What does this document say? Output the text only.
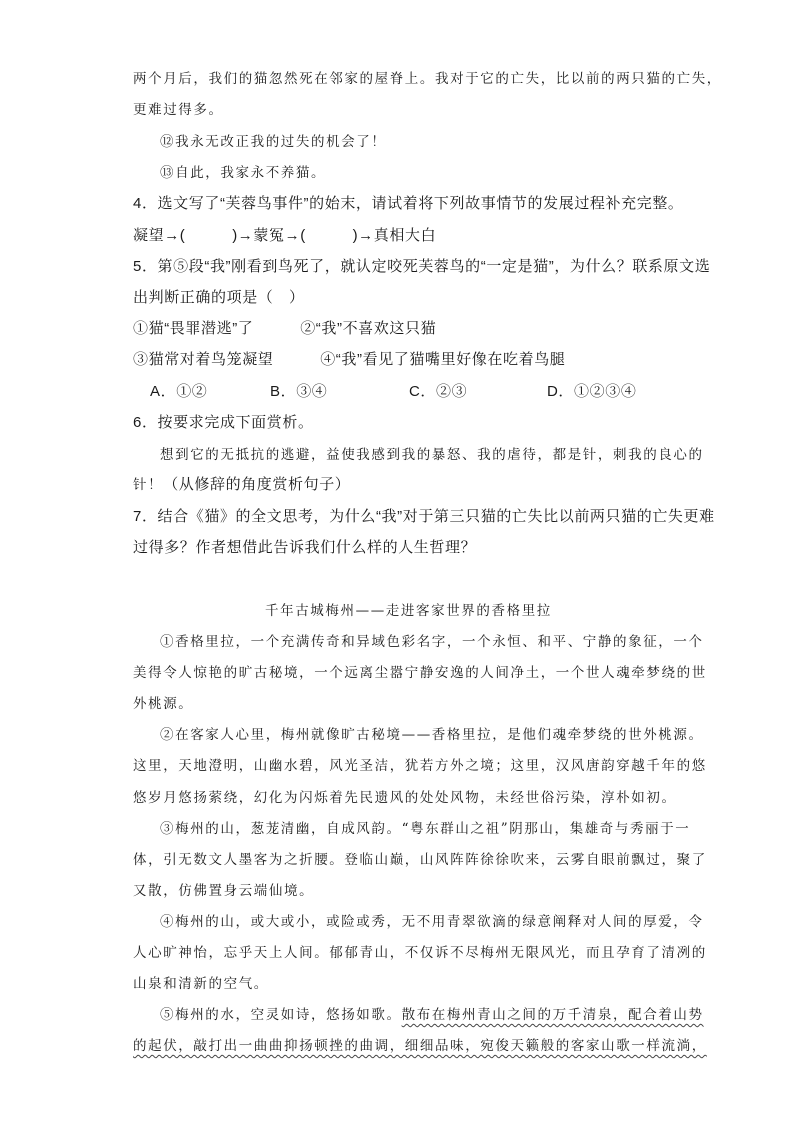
两个月后，我们的猫忽然死在邻家的屋脊上。我对于它的亡失，比以前的两只猫的亡失，
更难过得多。
⑫我永无改正我的过失的机会了！
⑬自此，我家永不养猫。
4．选文写了“芙蓉鸟事件”的始末，请试着将下列故事情节的发展过程补充完整。
凝望→(　　　)→蒙冤→(　　　)→真相大白
5．第⑤段“我”刚看到鸟死了，就认定咬死芙蓉鸟的“一定是猫”，为什么？联系原文选
出判断正确的项是（　）
①猫“畏罪潜逃”了　　　②“我”不喜欢这只猫
③猫常对着鸟笼凝望　　　④“我”看见了猫嘴里好像在吃着鸟腿
A．①②	B．③④	C．②③	D．①②③④
6．按要求完成下面赏析。
想到它的无抵抗的逃避，益使我感到我的暴怒、我的虐待，都是针，刺我的良心的
针！（从修辞的角度赏析句子）
7．结合《猫》的全文思考，为什么“我”对于第三只猫的亡失比以前两只猫的亡失更难
过得多？作者想借此告诉我们什么样的人生哲理？
千年古城梅州——走进客家世界的香格里拉
①香格里拉，一个充满传奇和异域色彩名字，一个永恒、和平、宁静的象征，一个
美得令人惊艳的旷古秘境，一个远离尘嚣宁静安逸的人间净土，一个世人魂牵梦绕的世
外桃源。
②在客家人心里，梅州就像旷古秘境——香格里拉，是他们魂牵梦绕的世外桃源。
这里，天地澄明，山幽水碧，风光圣洁，犹若方外之境；这里，汉风唐韵穿越千年的悠
悠岁月悠扬萦绕，幻化为闪烁着先民遗风的处处风物，未经世俗污染，淳朴如初。
③梅州的山，葱茏清幽，自成风韵。“粤东群山之祖”阴那山，集雄奇与秀丽于一
体，引无数文人墨客为之折腰。登临山巅，山风阵阵徐徐吹来，云雾自眼前飘过，聚了
又散，仿佛置身云端仙境。
④梅州的山，或大或小，或险或秀，无不用青翠欲滴的绿意阐释对人间的厚爱，令
人心旷神怡，忘乎天上人间。郁郁青山，不仅诉不尽梅州无限风光，而且孕育了清冽的
山泉和清新的空气。
⑤梅州的水，空灵如诗，悠扬如歌。散布在梅州青山之间的万千清泉，配合着山势
的起伏，敲打出一曲曲抑扬顿挫的曲调，细细品味，宛俊天籁般的客家山歌一样流淌，
